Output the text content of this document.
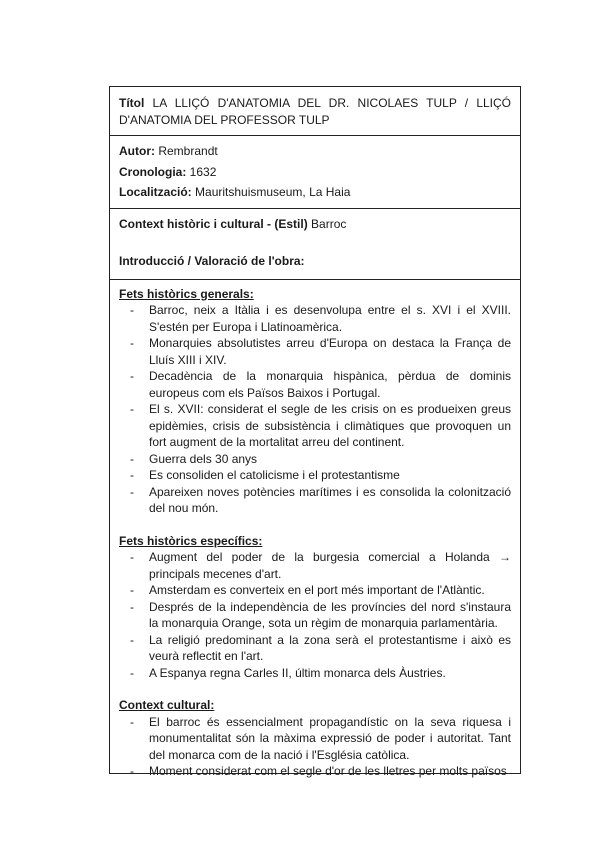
Títol LA LLIÇÓ D'ANATOMIA DEL DR. NICOLAES TULP / LLIÇÓ D'ANATOMIA DEL PROFESSOR TULP
Autor: Rembrandt
Cronologia: 1632
Localització: Mauritshuismuseum, La Haia
Context històric i cultural - (Estil) Barroc
Introducció / Valoració de l'obra:
Fets històrics generals:
- Barroc, neix a Itàlia i es desenvolupa entre el s. XVI i el XVIII. S'estén per Europa i Llatinoamèrica.
- Monarquies absolutistes arreu d'Europa on destaca la França de Lluís XIII i XIV.
- Decadència de la monarquia hispànica, pèrdua de dominis europeus com els Països Baixos i Portugal.
- El s. XVII: considerat el segle de les crisis on es produeixen greus epidèmies, crisis de subsistència i climàtiques que provoquen un fort augment de la mortalitat arreu del continent.
- Guerra dels 30 anys
- Es consoliden el catolicisme i el protestantisme
- Apareixen noves potències marítimes i es consolida la colonització del nou món.
Fets històrics específics:
- Augment del poder de la burgesia comercial a Holanda → principals mecenes d'art.
- Amsterdam es converteix en el port més important de l'Atlàntic.
- Després de la independència de les províncies del nord s'instaura la monarquia Orange, sota un règim de monarquia parlamentària.
- La religió predominant a la zona serà el protestantisme i això es veurà reflectit en l'art.
- A Espanya regna Carles II, últim monarca dels Àustries.
Context cultural:
- El barroc és essencialment propagandístic on la seva riquesa i monumentalitat són la màxima expressió de poder i autoritat. Tant del monarca com de la nació i l'Església catòlica.
- Moment considerat com el segle d'or de les lletres per molts països
